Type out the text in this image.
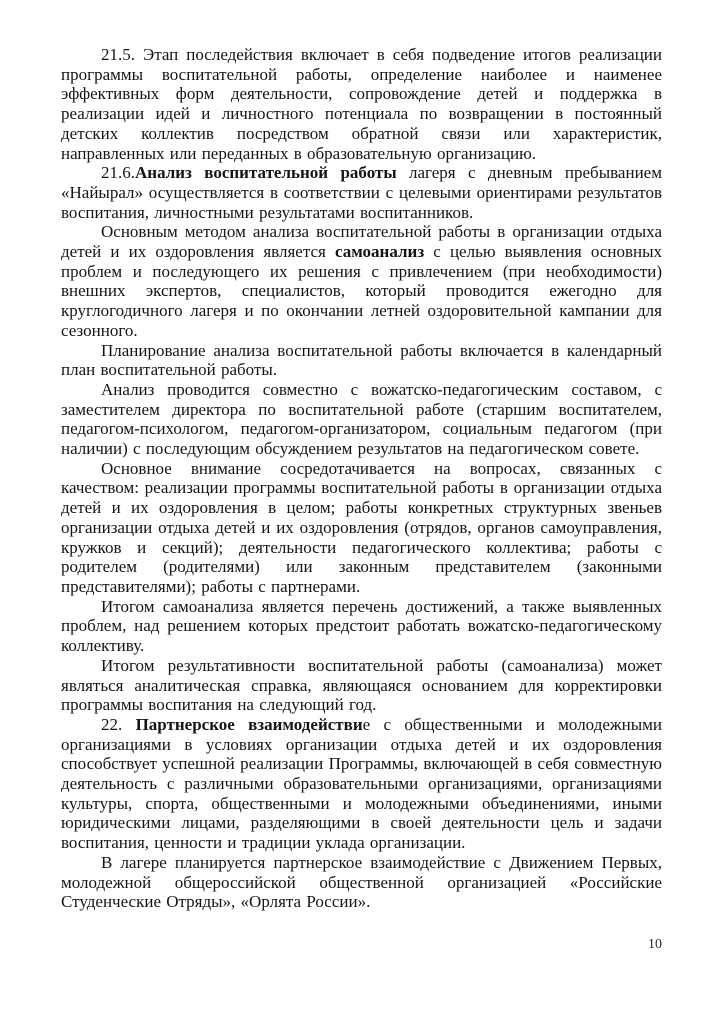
21.5. Этап последействия включает в себя подведение итогов реализации программы воспитательной работы, определение наиболее и наименее эффективных форм деятельности, сопровождение детей и поддержка в реализации идей и личностного потенциала по возвращении в постоянный детских коллектив посредством обратной связи или характеристик, направленных или переданных в образовательную организацию.

21.6.Анализ воспитательной работы лагеря с дневным пребыванием «Найырал» осуществляется в соответствии с целевыми ориентирами результатов воспитания, личностными результатами воспитанников.

Основным методом анализа воспитательной работы в организации отдыха детей и их оздоровления является самоанализ с целью выявления основных проблем и последующего их решения с привлечением (при необходимости) внешних экспертов, специалистов, который проводится ежегодно для круглогодичного лагеря и по окончании летней оздоровительной кампании для сезонного.

Планирование анализа воспитательной работы включается в календарный план воспитательной работы.

Анализ проводится совместно с вожатско-педагогическим составом, с заместителем директора по воспитательной работе (старшим воспитателем, педагогом-психологом, педагогом-организатором, социальным педагогом (при наличии) с последующим обсуждением результатов на педагогическом совете.

Основное внимание сосредотачивается на вопросах, связанных с качеством: реализации программы воспитательной работы в организации отдыха детей и их оздоровления в целом; работы конкретных структурных звеньев организации отдыха детей и их оздоровления (отрядов, органов самоуправления, кружков и секций); деятельности педагогического коллектива; работы с родителем (родителями) или законным представителем (законными представителями); работы с партнерами.

Итогом самоанализа является перечень достижений, а также выявленных проблем, над решением которых предстоит работать вожатско-педагогическому коллективу.

Итогом результативности воспитательной работы (самоанализа) может являться аналитическая справка, являющаяся основанием для корректировки программы воспитания на следующий год.

22. Партнерское взаимодействие с общественными и молодежными организациями в условиях организации отдыха детей и их оздоровления способствует успешной реализации Программы, включающей в себя совместную деятельность с различными образовательными организациями, организациями культуры, спорта, общественными и молодежными объединениями, иными юридическими лицами, разделяющими в своей деятельности цель и задачи воспитания, ценности и традиции уклада организации.

В лагере планируется партнерское взаимодействие с Движением Первых, молодежной общероссийской общественной организацией «Российские Студенческие Отряды», «Орлята России».

10
